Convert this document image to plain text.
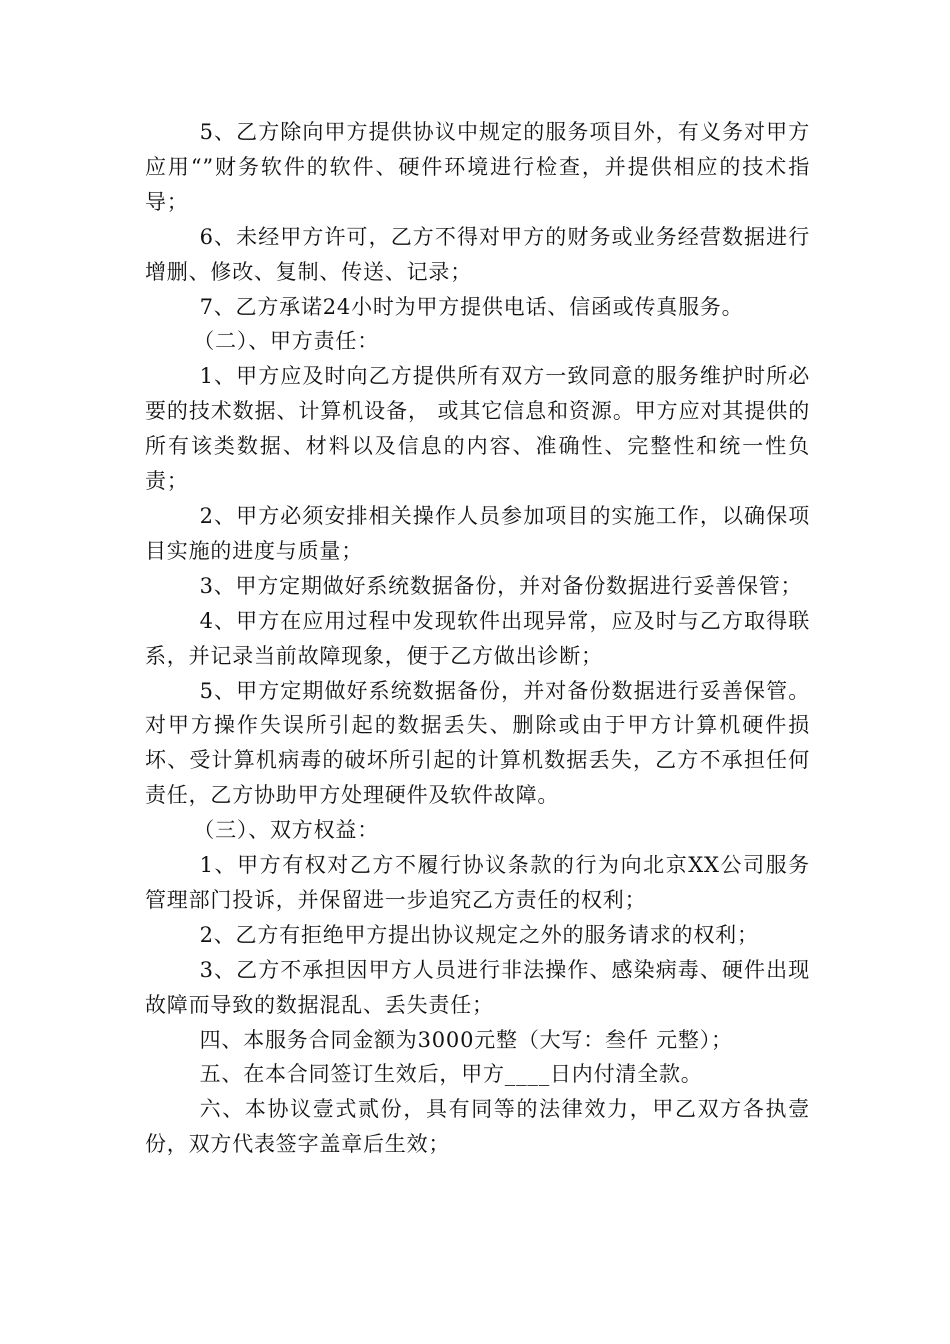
5、乙方除向甲方提供协议中规定的服务项目外，有义务对甲方应用“”财务软件的软件、硬件环境进行检查，并提供相应的技术指导；

6、未经甲方许可，乙方不得对甲方的财务或业务经营数据进行增删、修改、复制、传送、记录；

7、乙方承诺24小时为甲方提供电话、信函或传真服务。

（二）、甲方责任：

1、甲方应及时向乙方提供所有双方一致同意的服务维护时所必要的技术数据、计算机设备， 或其它信息和资源。甲方应对其提供的所有该类数据、材料以及信息的内容、准确性、完整性和统一性负责；

2、甲方必须安排相关操作人员参加项目的实施工作，以确保项目实施的进度与质量；

3、甲方定期做好系统数据备份，并对备份数据进行妥善保管；

4、甲方在应用过程中发现软件出现异常，应及时与乙方取得联系，并记录当前故障现象，便于乙方做出诊断；

5、甲方定期做好系统数据备份，并对备份数据进行妥善保管。对甲方操作失误所引起的数据丢失、删除或由于甲方计算机硬件损坏、受计算机病毒的破坏所引起的计算机数据丢失，乙方不承担任何责任，乙方协助甲方处理硬件及软件故障。

（三）、双方权益：

1、甲方有权对乙方不履行协议条款的行为向北京XX公司服务管理部门投诉，并保留进一步追究乙方责任的权利；

2、乙方有拒绝甲方提出协议规定之外的服务请求的权利；

3、乙方不承担因甲方人员进行非法操作、感染病毒、硬件出现故障而导致的数据混乱、丢失责任；

四、本服务合同金额为3000元整（大写：叁仟 元整）；

五、在本合同签订生效后，甲方____日内付清全款。

六、本协议壹式贰份，具有同等的法律效力，甲乙双方各执壹份，双方代表签字盖章后生效；
